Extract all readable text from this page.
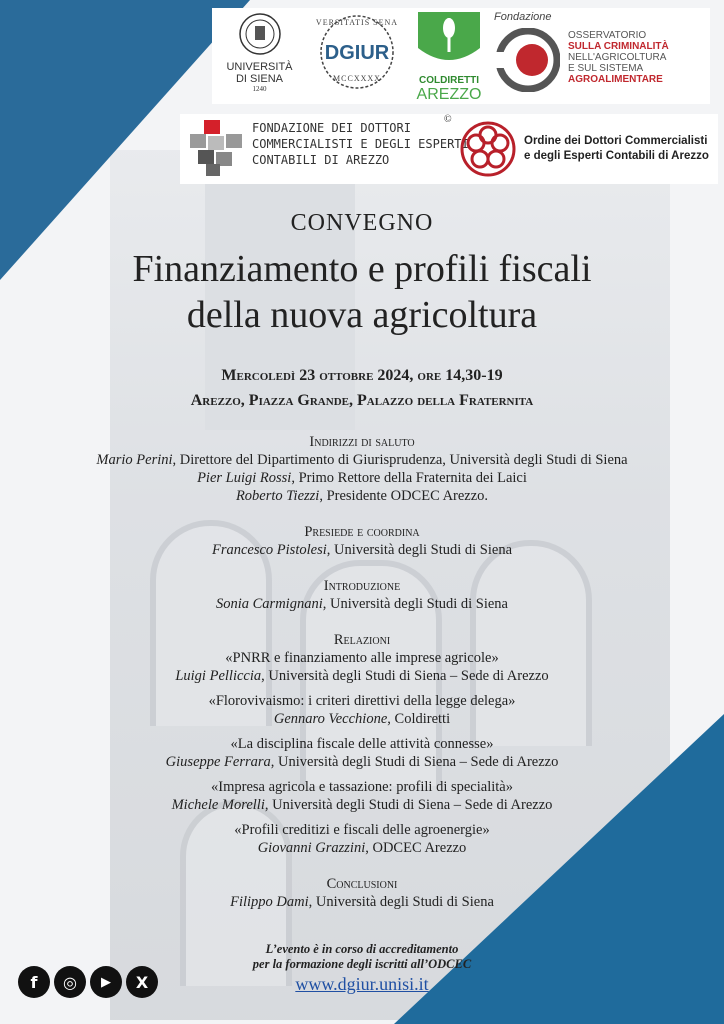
UNIVERSITÀ
DI SIENA
1240
VERSITATIS SENA
DGIUR
MCCXXXX	COLDIRETTI
AREZZO
Fondazione
OSSERVATORIO
SULLA CRIMINALITÀ
NELL'AGRICOLTURA
E SUL SISTEMA
AGROALIMENTARE
FONDAZIONE DEI DOTTORI
COMMERCIALISTI E DEGLI ESPERTI
CONTABILI DI AREZZO
©
Ordine dei Dottori Commercialisti
e degli Esperti Contabili di Arezzo
CONVEGNO
Finanziamento e profili fiscali
della nuova agricoltura
Mercoledì 23 ottobre 2024, ore 14,30-19
Arezzo, Piazza Grande, Palazzo della Fraternita
Indirizzi di saluto
Mario Perini, Direttore del Dipartimento di Giurisprudenza, Università degli Studi di Siena
Pier Luigi Rossi, Primo Rettore della Fraternita dei Laici
Roberto Tiezzi, Presidente ODCEC Arezzo.
Presiede e coordina
Francesco Pistolesi, Università degli Studi di Siena
Introduzione
Sonia Carmignani, Università degli Studi di Siena
Relazioni
«PNRR e finanziamento alle imprese agricole»
Luigi Pelliccia, Università degli Studi di Siena – Sede di Arezzo
«Florovivaismo: i criteri direttivi della legge delega»
Gennaro Vecchione, Coldiretti
«La disciplina fiscale delle attività connesse»
Giuseppe Ferrara, Università degli Studi di Siena – Sede di Arezzo
«Impresa agricola e tassazione: profili di specialità»
Michele Morelli, Università degli Studi di Siena – Sede di Arezzo
«Profili creditizi e fiscali delle agroenergie»
Giovanni Grazzini, ODCEC Arezzo
Conclusioni
Filippo Dami, Università degli Studi di Siena
L’evento è in corso di accreditamento
per la formazione degli iscritti all’ODCEC
www.dgiur.unisi.it
f	◎	▶	X
